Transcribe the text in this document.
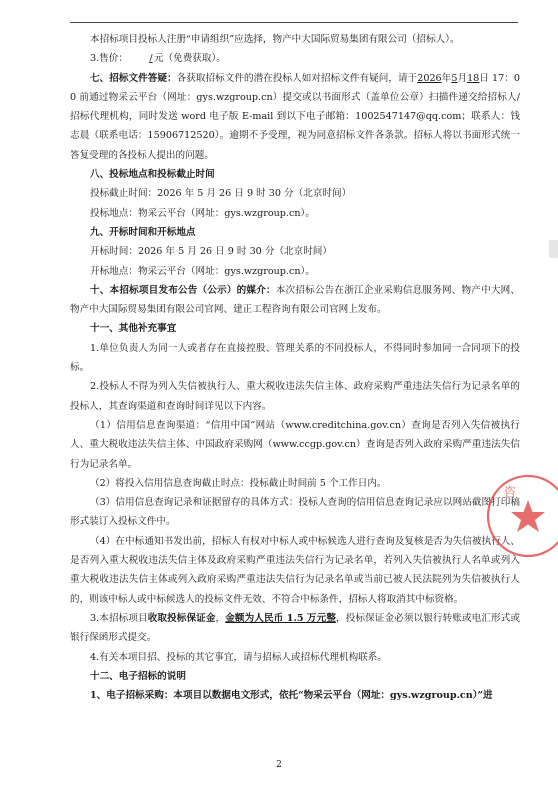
本招标项目投标人注册“申请组织”应选择，物产中大国际贸易集团有限公司（招标人）。

3.售价： /元（免费获取）。

七、招标文件答疑：各获取招标文件的潜在投标人如对招标文件有疑问，请于2026年5月18日 17：00 前通过物采云平台（网址：gys.wzgroup.cn）提交或以书面形式（盖单位公章）扫描件递交给招标人/招标代理机构，同时发送 word 电子版 E-mail 到以下电子邮箱：1002547147@qq.com；联系人：钱志晨（联系电话：15906712520）。逾期不予受理，视为同意招标文件各条款。招标人将以书面形式统一答复受理的各投标人提出的问题。

八、投标地点和投标截止时间

投标截止时间：2026 年 5 月 26 日 9 时 30 分（北京时间）

投标地点：物采云平台（网址：gys.wzgroup.cn）。

九、开标时间和开标地点

开标时间：2026 年 5 月 26 日 9 时 30 分（北京时间）

开标地点：物采云平台（网址：gys.wzgroup.cn）。

十、本招标项目发布公告（公示）的媒介：本次招标公告在浙江企业采购信息服务网、物产中大网、物产中大国际贸易集团有限公司官网、建正工程咨询有限公司官网上发布。

十一、其他补充事宜

1.单位负责人为同一人或者存在直接控股、管理关系的不同投标人，不得同时参加同一合同项下的投标。

2.投标人不得为列入失信被执行人、重大税收违法失信主体、政府采购严重违法失信行为记录名单的投标人，其查询渠道和查询时间详见以下内容。

（1）信用信息查询渠道：“信用中国”网站（www.creditchina.gov.cn）查询是否列入失信被执行人、重大税收违法失信主体、中国政府采购网（www.ccgp.gov.cn）查询是否列入政府采购严重违法失信行为记录名单。

（2）将投入信用信息查询截止时点：投标截止时间前 5 个工作日内。

（3）信用信息查询记录和证据留存的具体方式：投标人查询的信用信息查询记录应以网站截图打印稿形式装订入投标文件中。

（4）在中标通知书发出前，招标人有权对中标人或中标候选人进行查询及复核是否为失信被执行人、是否列入重大税收违法失信主体及政府采购严重违法失信行为记录名单，若列入失信被执行人名单或列入重大税收违法失信主体或列入政府采购严重违法失信行为记录名单或当前已被人民法院列为失信被执行人的，则该中标人或中标候选人的投标文件无效、不符合中标条件，招标人将取消其中标资格。

3.本招标项目收取投标保证金，金额为人民币 1.5 万元整，投标保证金必须以银行转账或电汇形式或银行保函形式提交。

4.有关本项目招、投标的其它事宜，请与招标人或招标代理机构联系。

十二、电子招标的说明

1、电子招标采购：本项目以数据电文形式，依托“物采云平台（网址：gys.wzgroup.cn）”进

咨
2
